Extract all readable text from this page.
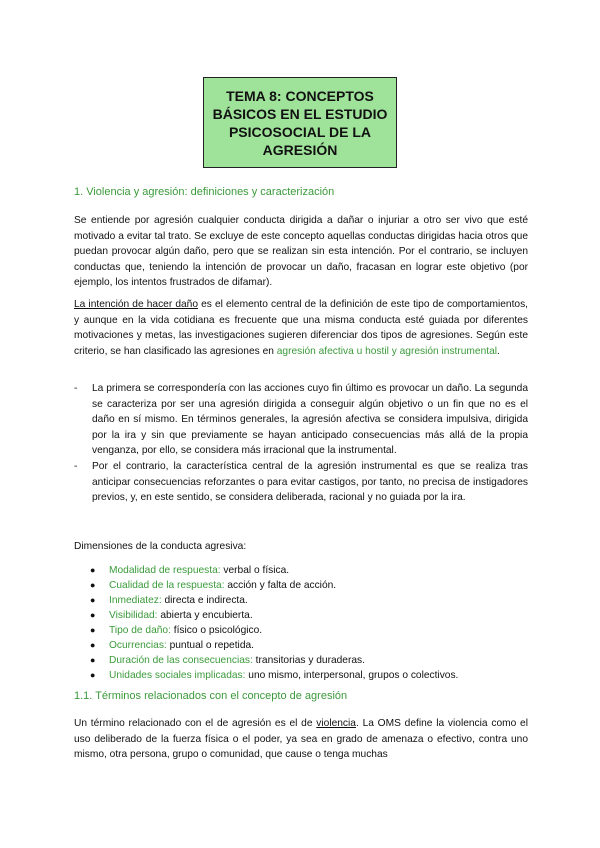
TEMA 8: CONCEPTOS BÁSICOS EN EL ESTUDIO PSICOSOCIAL DE LA AGRESIÓN
1. Violencia y agresión: definiciones y caracterización

Se entiende por agresión cualquier conducta dirigida a dañar o injuriar a otro ser vivo que esté motivado a evitar tal trato. Se excluye de este concepto aquellas conductas dirigidas hacia otros que puedan provocar algún daño, pero que se realizan sin esta intención. Por el contrario, se incluyen conductas que, teniendo la intención de provocar un daño, fracasan en lograr este objetivo (por ejemplo, los intentos frustrados de difamar).

La intención de hacer daño es el elemento central de la definición de este tipo de comportamientos, y aunque en la vida cotidiana es frecuente que una misma conducta esté guiada por diferentes motivaciones y metas, las investigaciones sugieren diferenciar dos tipos de agresiones. Según este criterio, se han clasificado las agresiones en agresión afectiva u hostil y agresión instrumental.

- La primera se correspondería con las acciones cuyo fin último es provocar un daño. La segunda se caracteriza por ser una agresión dirigida a conseguir algún objetivo o un fin que no es el daño en sí mismo. En términos generales, la agresión afectiva se considera impulsiva, dirigida por la ira y sin que previamente se hayan anticipado consecuencias más allá de la propia venganza, por ello, se considera más irracional que la instrumental.
- Por el contrario, la característica central de la agresión instrumental es que se realiza tras anticipar consecuencias reforzantes o para evitar castigos, por tanto, no precisa de instigadores previos, y, en este sentido, se considera deliberada, racional y no guiada por la ira.
Dimensiones de la conducta agresiva:
● Modalidad de respuesta: verbal o física.
● Cualidad de la respuesta: acción y falta de acción.
● Inmediatez: directa e indirecta.
● Visibilidad: abierta y encubierta.
● Tipo de daño: físico o psicológico.
● Ocurrencias: puntual o repetida.
● Duración de las consecuencias: transitorias y duraderas.
● Unidades sociales implicadas: uno mismo, interpersonal, grupos o colectivos.
1.1. Términos relacionados con el concepto de agresión

Un término relacionado con el de agresión es el de violencia. La OMS define la violencia como el uso deliberado de la fuerza física o el poder, ya sea en grado de amenaza o efectivo, contra uno mismo, otra persona, grupo o comunidad, que cause o tenga muchas
